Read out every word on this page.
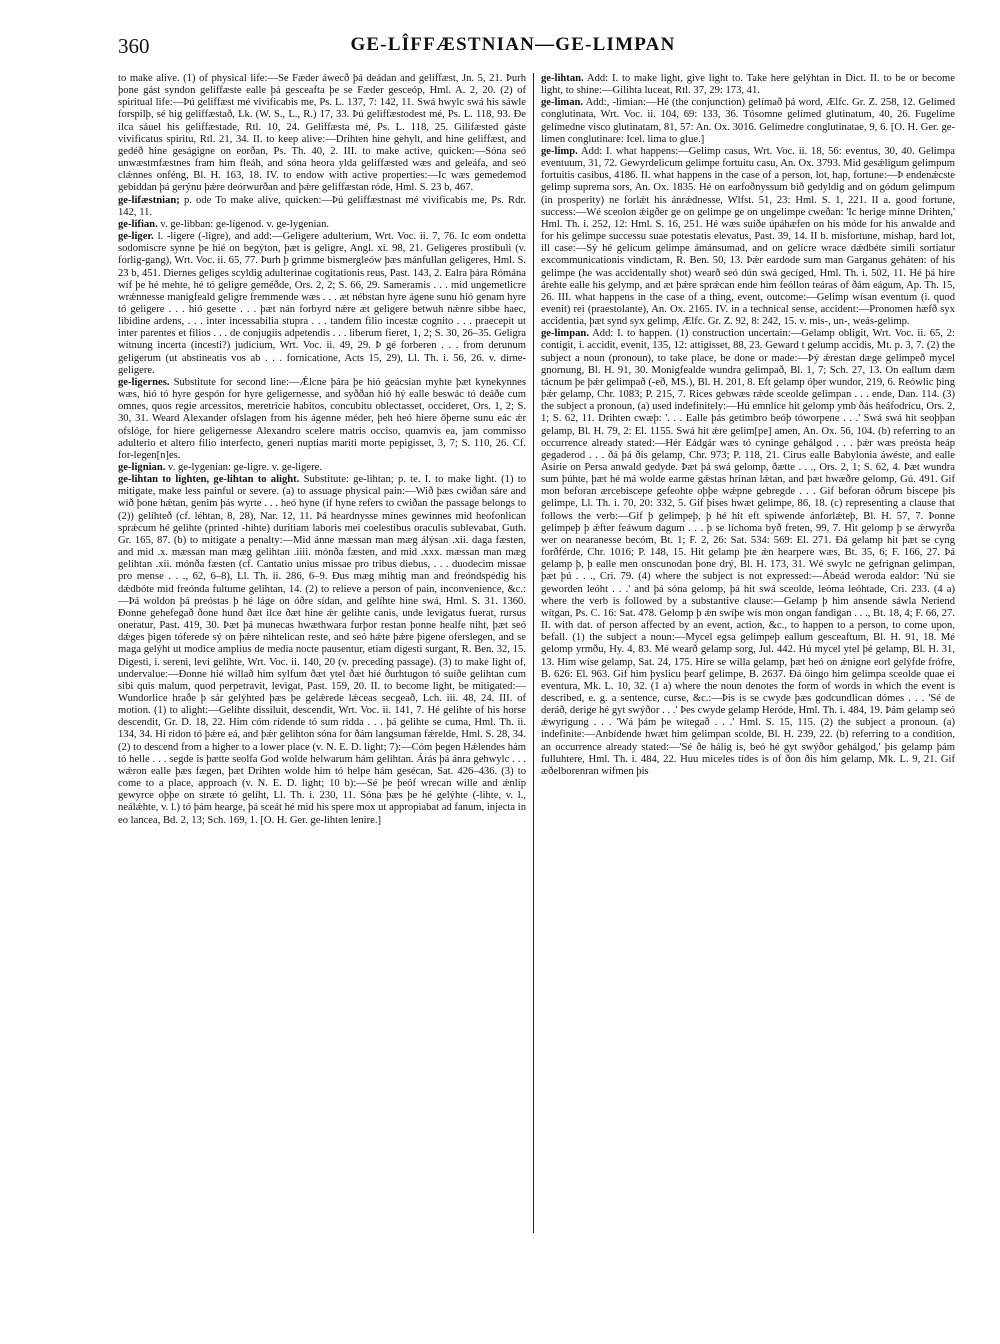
360	GE-LÎFFÆSTNIAN—GE-LIMPAN

to make alive. (1) of physical life:—Se Fæder áwecð þá deádan and geliffæst, Jn. 5, 21. Þurh þone gást syndon geliffæste ealle þá gesceafta þe se Fæder gesceóp, Hml. A. 2, 20. (2) of spiritual life:—Þú geliffæst mé vivificabis me, Ps. L. 137, 7: 142, 11. Swá hwylc swá his sáwle forspilþ, sé hig geliffæstað, Lk. (W. S., L., R.) 17, 33. Þú geliffæstodest mé, Ps. L. 118, 93. Ðe ilca sáuel his geliffæstade, Rtl. 10, 24. Geliffæsta mé, Ps. L. 118, 25. Gilifæsted gáste vivificatus spiritu, Rtl. 21, 34. II. to keep alive:—Drihten hine gehylt, and hine geliffæst, and gedéð hine geságigne on eorðan, Ps. Th. 40, 2. III. to make active, quicken:—Sóna seó unwæstmfæstnes fram him fleáh, and sóna heora ylda geliffæsted wæs and geleáfa, and seó clǽnnes onféng, Bl. H. 163, 18. IV. to endow with active properties:—Ic wæs gemedemod gebiddan þá gerýnu þǽre deórwurðan and þǽre geliffæstan róde, Hml. S. 23 b, 467.

ge-lifæstnian; p. ode To make alive, quicken:—Þú geliffæstnast mé vivificabis me, Ps. Rdr. 142, 11.

ge-lifian. v. ge-libban: ge-lígenod. v. ge-lygenian.

ge-liger. l. -ligere (-ligre), and add:—Geligere adulterium, Wrt. Voc. ii. 7, 76. Ic eom ondetta sodomiscre synne þe hié on begýton, þæt is geligre, Angl. xi. 98, 21. Geligeres prostibuli (v. forlig-gang), Wrt. Voc. ii. 65, 77. Þurh þ grimme bismergleów þæs mánfullan geligeres, Hml. S. 23 b, 451. Diernes geliges scyldig adulterinae cogitationis reus, Past. 143, 2. Ealra þára Rómána wíf þe hé mehte, hé tó geligre geméðde, Ors. 2, 2; S. 66, 29. Sameramis . . . mid ungemetlicre wrǽnnesse manigfeald geligre fremmende wæs . . . æt nébstan hyre ágene sunu hió genam hyre tó geligere . . . hió gesette . . . þæt nán forbyrd nǽre æt geligere betwuh nǽnre sibbe haec, libidine ardens, . . . inter incessabilia stupra . . . tandem filio incestæ cognito . . . praecepit ut inter parentes et filios . . . de conjugiis adpetendis . . . liberum fieret, 1, 2; S. 30, 26–35. Geligra wítnung incerta (incesti?) judicium, Wrt. Voc. ii. 49, 29. Þ gé forberen . . . from derunum geligerum (ut abstineatis vos ab . . . fornicatione, Acts 15, 29), Ll. Th. i. 56, 26. v. dirne-geligere.

ge-ligernes. Substitute for second line:—Ǽlcne þára þe hió geácsian myhte þæt kynekynnes wæs, hió tó hyre gespón for hyre geligernesse, and syððan hió hý ealle beswác tó deáðe cum omnes, quos regie arcessitos, meretricie habitos, concubitu oblectasset, occideret, Ors. 1, 2; S. 30, 31. Weard Alexander ofslagen from his ágenne méder, þeh heó hiere ǒþerne sunu eác ǽr ofslóge, for hiere geligernesse Alexandro scelere matris occiso, quamvis ea, jam commisso adulterio et altero filio interfecto, generi nuptias mariti morte pepigisset, 3, 7; S. 110, 26. Cf. for-legen[n]es.

ge-lignian. v. ge-lygenian: ge-ligre. v. ge-ligere.

ge-lihtan to lighten, ge-lihtan to alight. Substitute: ge-lihtan; p. te. I. to make light. (1) to mitigate, make less painful or severe. (a) to assuage physical pain:—Wið þæs cwiðan sáre and wið þone hǽtan, genim þás wyrte . . . heó hyne (if hyne refers to cwiðan the passage belongs to (2)) gelíhteð (cf. léhtan, 8, 28), Nar. 12, 11. Þá heardnysse mínes gewinnes mid heofonlican sprǽcum hé gelihte (printed -hihte) duritiam laboris mei coelestibus oraculis sublevabat, Guth. Gr. 165, 87. (b) to mitigate a penalty:—Mid ánne mæssan man mæg álýsan .xii. daga fæsten, and mid .x. mæssan man mæg gelihtan .iiii. mónða fæsten, and mid .xxx. mæssan man mæg gelihtan .xii. mónða fæsten (cf. Cantatio unius missae pro tribus diebus, . . . duodecim missae pro mense . . ., 62, 6–8), Ll. Th. ii. 286, 6–9. Ðus mæg mihtig man and freóndspédig his dǽdbóte mid freónda fultume gelihtan, 14. (2) to relieve a person of pain, inconvenience, &c.:—Þá woldon þá preóstas þ hé láge on óðre sídan, and gelíhte hine swá, Hml. S. 31. 1360. Ðonne gehefegað ðone hund ðæt ilce ðæt hine ǽr gelihte canis, unde levigatus fuerat, rursus oneratur, Past. 419, 30. Þæt þá munecas hwæthwara furþor restan þonne healfe niht, þæt seó dǽges þigen tóferede sý on þǽre nihtelican reste, and seó hǽte þǽre þigene oferslegen, and se maga gelýht ut modice amplius de media nocte pausentur, etiam digesti surgant, R. Ben. 32, 15. Digesti, i. sereni, levi gelihte, Wrt. Voc. ii. 140, 20 (v. preceding passage). (3) to make light of, undervalue:—Ðonne hié willað him sylfum ðæt ytel ðæt hié ðurhtugon tó suíðe gelihtan cum sibi quis malum, quod perpetravit, levigat, Past. 159, 20. II. to become light, be mitigated:—Wundorlice hraðe þ sár gelýhted þæs þe gelǽrede lǽceas secgeað, Lch. iii. 48, 24. III. of motion. (1) to alight:—Gelihte dissiluit, descendit, Wrt. Voc. ii. 141, 7. Hé gelihte of his horse descendit, Gr. D. 18, 22. Him cóm rídende tó sum ridda . . . þá gelihte se cuma, Hml. Th. ii. 134, 34. Hi ridon tó þǽre eá, and þǽr gelihton sóna for ðám langsuman fǽrelde, Hml. S. 28, 34. (2) to descend from a higher to a lower place (v. N. E. D. light; 7):—Cóm þegen Hǽlendes hám tó helle . . . segde is þætte seolfa God wolde helwarum hám gelihtan. Árás þá ánra gehwylc . . . wǽron ealle þæs fægen, þæt Drihten wolde him tó helpe hám gesécan, Sat. 426–436. (3) to come to a place, approach (v. N. E. D. light; 10 b):—Sé þe þeóf wrecan wille and ǽnlíp gewyrce oþþe on stræte tó gelíht, Ll. Th. i. 230, 11. Sóna þæs þe hé gelýhte (-lihte, v. l., neálǽhte, v. l.) tó þám hearge, þá sceát hé mid his spere mox ut appropiabat ad fanum, injecta in eo lancea, Bd. 2, 13; Sch. 169, 1. [O. H. Ger. ge-lihten lenire.]

ge-lihtan. Add: I. to make light, give light to. Take here gelýhtan in Dict. II. to be or become light, to shine:—Gilihta lucеat, Rtl. 37, 29: 173, 41.

ge-liman. Add:, -limian:—Hé (the conjunction) gelímað þá word, Ælfc. Gr. Z. 258, 12. Gelímed conglutinata, Wrt. Voc. ii. 104, 69: 133, 36. Tósomne gelímed glutinatum, 40, 26. Fugelíme gelímedne visco glutinatam, 81, 57: An. Ox. 3016. Gelímedre conglutinatae, 9, 6. [O. H. Ger. ge-límen conglutinare: Icel. lima to glue.]

ge-limp. Add: I. what happens:—Gelimp casus, Wrt. Voc. ii. 18, 56: eventus, 30, 40. Gelimpa eventuum, 31, 72. Gewyrdelicum gelimpe fortuitu casu, An. Ox. 3793. Mid gesǽligum gelimpum fortuitis casibus, 4186. II. what happens in the case of a person, lot, hap, fortune:—Þ endenǽcste gelimp suprema sors, An. Ox. 1835. Hé on earfoðnyssum bið gedyldig and on gódum gelimpum (in prosperity) ne forlǽt his ánrǽdnesse, Wlfst. 51, 23: Hml. S. 1, 221. II a. good fortune, success:—Wé sceolon ǽigðer ge on gelimpe ge on ungelimpe cweðan: 'Ic herige mínne Drihten,' Hml. Th. i. 252, 12: Hml. S. 16, 251. Hé wæs suíðe úpáhæfen on his móde for his anwalde and for his gelimpe successu suae potestatis elevatus, Past. 39, 14. II b. misfortune, mishap, hard lot, ill case:—Sý hé gelícum gelimpe ámánsumad, and on gelícre wrace dǽdbéte simili sortiatur excommunicationis vindictam, R. Ben. 50, 13. Þǽr eardode sum man Garganus geháten: of his gelimpe (he was accidentally shot) wearð seó dún swá gecíged, Hml. Th. i. 502, 11. Hé þá híre árehte ealle his gelymp, and æt þǽre sprǽcan ende him feóllon teáras of ðám eágum, Ap. Th. 15, 26. III. what happens in the case of a thing, event, outcome:—Gelimp wísan eventum (i. quod evenit) rei (praestolante), An. Ox. 2165. IV. in a technical sense, accident:—Pronomen hæfð syx accidentia, þæt synd syx gelimp, Ælfc. Gr. Z. 92, 8: 242, 15. v. mis-, un-, weás-gelimp.

ge-limpan. Add: I. to happen. (1) construction uncertain:—Gelamp obligit, Wrt. Voc. ii. 65, 2: contigit, i. accidit, evenit, 135, 12: attigisset, 88, 23. Geward t gelump accidis, Mt. p. 3, 7. (2) the subject a noun (pronoun), to take place, be done or made:—Þý ǽrestan dæge gelimpeð mycel gnornung, Bl. H. 91, 30. Monigfealde wundra gelimpað, Bl. 1, 7; Sch. 27, 13. On eallum dæm tácnum þe þǽr gelimpað (-eð, MS.), Bl. H. 201, 8. Eft gelamp óþer wundor, 219, 6. Reówlic þing þǽr gelamp, Chr. 1083; P. 215, 7. Rices gebwæs rǽde sceolde gelimpan . . . ende, Dan. 114. (3) the subject a pronoun, (a) used indefinitely:—Hú emnlíce hit gelomp ymb ðás heáfodrícu, Ors. 2, 1; S. 62, 11. Drihten cwæþ: '. . . Ealle þás getimbro beóþ tóworpene . . .' Swá swá hit seoþþan gelamp, Bl. H. 79, 2: El. 1155. Swá hit ǽre gelim[pe] amen, An. Ox. 56, 104. (b) referring to an occurrence already stated:—Hér Eádgár wæs tó cyninge gehálgod . . . þǽr wæs preósta heáp gegaderod . . . ðá þá ðis gelamp, Chr. 973; P. 118, 21. Cirus ealle Babylonia áwéste, and ealle Asirie on Persa anwald gedyde. Þæt þá swá gelomp, ðætte . . ., Ors. 2, 1; S. 62, 4. Þæt wundra sum þúhte, þæt hé má wolde earme gǽstas hrínan lǽtan, and þæt hwæðre gelomp, Gú. 491. Gif mon beforan ærcebiscepe gefeohte oþþe wǽpne gebregde . . . Gif beforan óðrum biscepe þis gelimpe, Ll. Th. i. 70, 20: 332, 5. Gif þises hwæt gelimpe, 86, 18. (c) representing a clause that follows the verb:—Gif þ gelimpeþ, þ hé hit eft spiwende ánforlǽteþ, Bl. H. 57, 7. Þonne gelimpeþ þ ǽfter feáwum dagum . . . þ se líchoma byð freten, 99, 7. Hit gelomp þ se ǽrwyrða wer on nearanesse becóm, Bt. 1; F. 2, 26: Sat. 534: 569: El. 271. Ðá gelamp hit þæt se cyng forðférde, Chr. 1016; P. 148, 15. Hit gelamp þte ǽn hearpere wæs, Bt. 35, 6; F. 166, 27. Þá gelamp þ, þ ealle men onscunodan þone drý, Bl. H. 173, 31. Wé swylc ne gefrignan gelimpan, þæt þú . . ., Cri. 79. (4) where the subject is not expressed:—Ábeád weroda ealdor: 'Nú sie geworden leóht . . .' and þá sóna gelomp, þá hit swá sceolde, leóma leóhtade, Cri. 233. (4 a) where the verb is followed by a substantive clause:—Gelamp þ him ansende sáwla Neriend wítgan, Ps. C. 16: Sat. 478. Gelomp þ ǽn swíþe wís mon ongan fandigan . . ., Bt. 18, 4; F. 66, 27. II. with dat. of person affected by an event, action, &c., to happen to a person, to come upon, befall. (1) the subject a noun:—Mycel egsa gelimpeþ eallum gesceaftum, Bl. H. 91, 18. Mé gelomp yrmðu, Hy. 4, 83. Mé wearð gelamp sorg, Jul. 442. Hú mycel ytel þé gelamp, Bl. H. 31, 13. Him wíse gelamp, Sat. 24, 175. Hire se willa gelamp, þæt heó on ǽnigne eorl gelýfde frófre, B. 626: El. 963. Gif him þyslicu þearf gelimpe, B. 2637. Ðá öingo him gelimpa sceolde quae ei eventura, Mk. L. 10, 32. (1 a) where the noun denotes the form of words in which the event is described, e. g. a sentence, curse, &c.:—Þis is se cwyde þæs godcundlican dómes . . . 'Sé de deráð, derige hé gyt swýðor . . .' Þes cwyde gelamp Heróde, Hml. Th. i. 484, 19. Þám gelamp seó ǽwyrigung . . . 'Wá þám þe wítegað . . .' Hml. S. 15, 115. (2) the subject a pronoun. (a) indefinite:—Anbídende hwæt him gelimpan scolde, Bl. H. 239, 22. (b) referring to a condition, an occurrence already stated:—'Sé ðe hálig is, beó hé gyt swýðor gehálgod,' þis gelamp þám fulluhtere, Hml. Th. i. 484, 22. Huu miceles tídes is of ðon ðis him gelamp, Mk. L. 9, 21. Gif æðelborenran wífmen þis
